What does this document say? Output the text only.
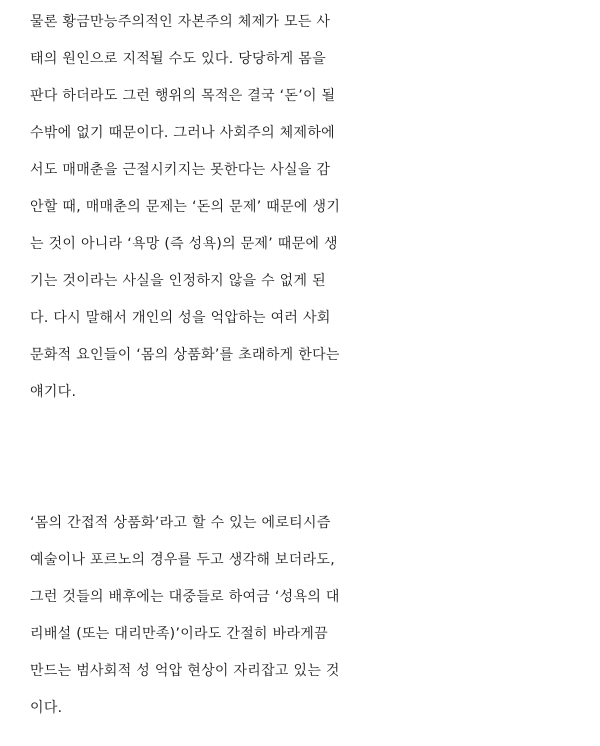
물론 황금만능주의적인 자본주의 체제가 모든 사
태의 원인으로 지적될 수도 있다. 당당하게 몸을
판다 하더라도 그런 행위의 목적은 결국 ‘돈’이 될
수밖에 없기 때문이다. 그러나 사회주의 체제하에
서도 매매춘을 근절시키지는 못한다는 사실을 감
안할 때, 매매춘의 문제는 ‘돈의 문제’ 때문에 생기
는 것이 아니라 ‘욕망 (즉 성욕)의 문제’ 때문에 생
기는 것이라는 사실을 인정하지 않을 수 없게 된
다. 다시 말해서 개인의 성을 억압하는 여러 사회
문화적 요인들이 ‘몸의 상품화’를 초래하게 한다는
얘기다.
‘몸의 간접적 상품화’라고 할 수 있는 에로티시즘
예술이나 포르노의 경우를 두고 생각해 보더라도,
그런 것들의 배후에는 대중들로 하여금 ‘성욕의 대
리배설 (또는 대리만족)’이라도 간절히 바라게끔
만드는 범사회적 성 억압 현상이 자리잡고 있는 것
이다.
